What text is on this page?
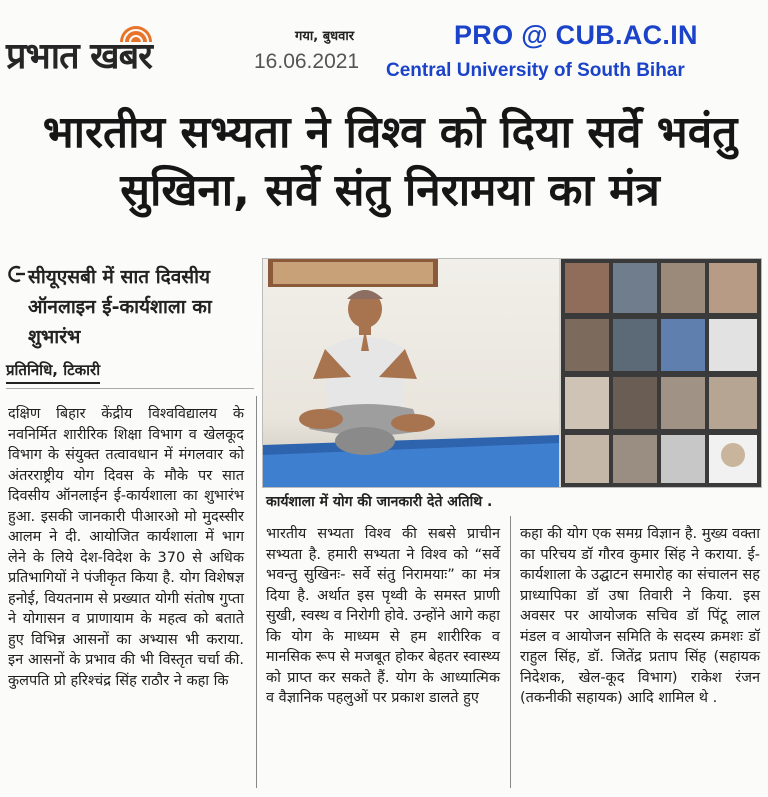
प्रभात खबर	गया, बुधवार
16.06.2021
PRO @ CUB.AC.IN
Central University of South Bihar
भारतीय सभ्यता ने विश्व को दिया सर्वे भवंतु सुखिना, सर्वे संतु निरामया का मंत्र
सीयूएसबी में सात दिवसीय ऑनलाइन ई-कार्यशाला का शुभारंभ
प्रतिनिधि, टिकारी
कार्यशाला में योग की जानकारी देते अतिथि .
दक्षिण बिहार केंद्रीय विश्वविद्यालय के नवनिर्मित शारीरिक शिक्षा विभाग व खेलकूद विभाग के संयुक्त तत्वावधान में मंगलवार को अंतरराष्ट्रीय योग दिवस के मौके पर सात दिवसीय ऑनलाईन ई-कार्यशाला का शुभारंभ हुआ. इसकी जानकारी पीआरओ मो मुदस्सीर आलम ने दी. आयोजित कार्यशाला में भाग लेने के लिये देश-विदेश के 370 से अधिक प्रतिभागियों ने पंजीकृत किया है. योग विशेषज्ञ हनोई, वियतनाम से प्रख्यात योगी संतोष गुप्ता ने योगासन व प्राणायाम के महत्व को बताते हुए विभिन्न आसनों का अभ्यास भी कराया. इन आसनों के प्रभाव की भी विस्तृत चर्चा की. कुलपति प्रो हरिश्चंद्र सिंह राठौर ने कहा कि
भारतीय सभ्यता विश्व की सबसे प्राचीन सभ्यता है. हमारी सभ्यता ने विश्व को “सर्वे भवन्तु सुखिनः- सर्वे संतु निरामयाः” का मंत्र दिया है. अर्थात इस पृथ्वी के समस्त प्राणी सुखी, स्वस्थ व निरोगी होवे. उन्होंने आगे कहा कि योग के माध्यम से हम शारीरिक व मानसिक रूप से मजबूत होकर बेहतर स्वास्थ्य को प्राप्त कर सकते हैं. योग के आध्यात्मिक व वैज्ञानिक पहलुओं पर प्रकाश डालते हुए
कहा की योग एक समग्र विज्ञान है. मुख्य वक्ता का परिचय डॉ गौरव कुमार सिंह ने कराया. ई-कार्यशाला के उद्घाटन समारोह का संचालन सह प्राध्यापिका डॉ उषा तिवारी ने किया. इस अवसर पर आयोजक सचिव डॉ पिंटू लाल मंडल व आयोजन समिति के सदस्य क्रमशः डॉ राहुल सिंह, डॉ. जितेंद्र प्रताप सिंह (सहायक निदेशक, खेल-कूद विभाग) राकेश रंजन (तकनीकी सहायक) आदि शामिल थे .
